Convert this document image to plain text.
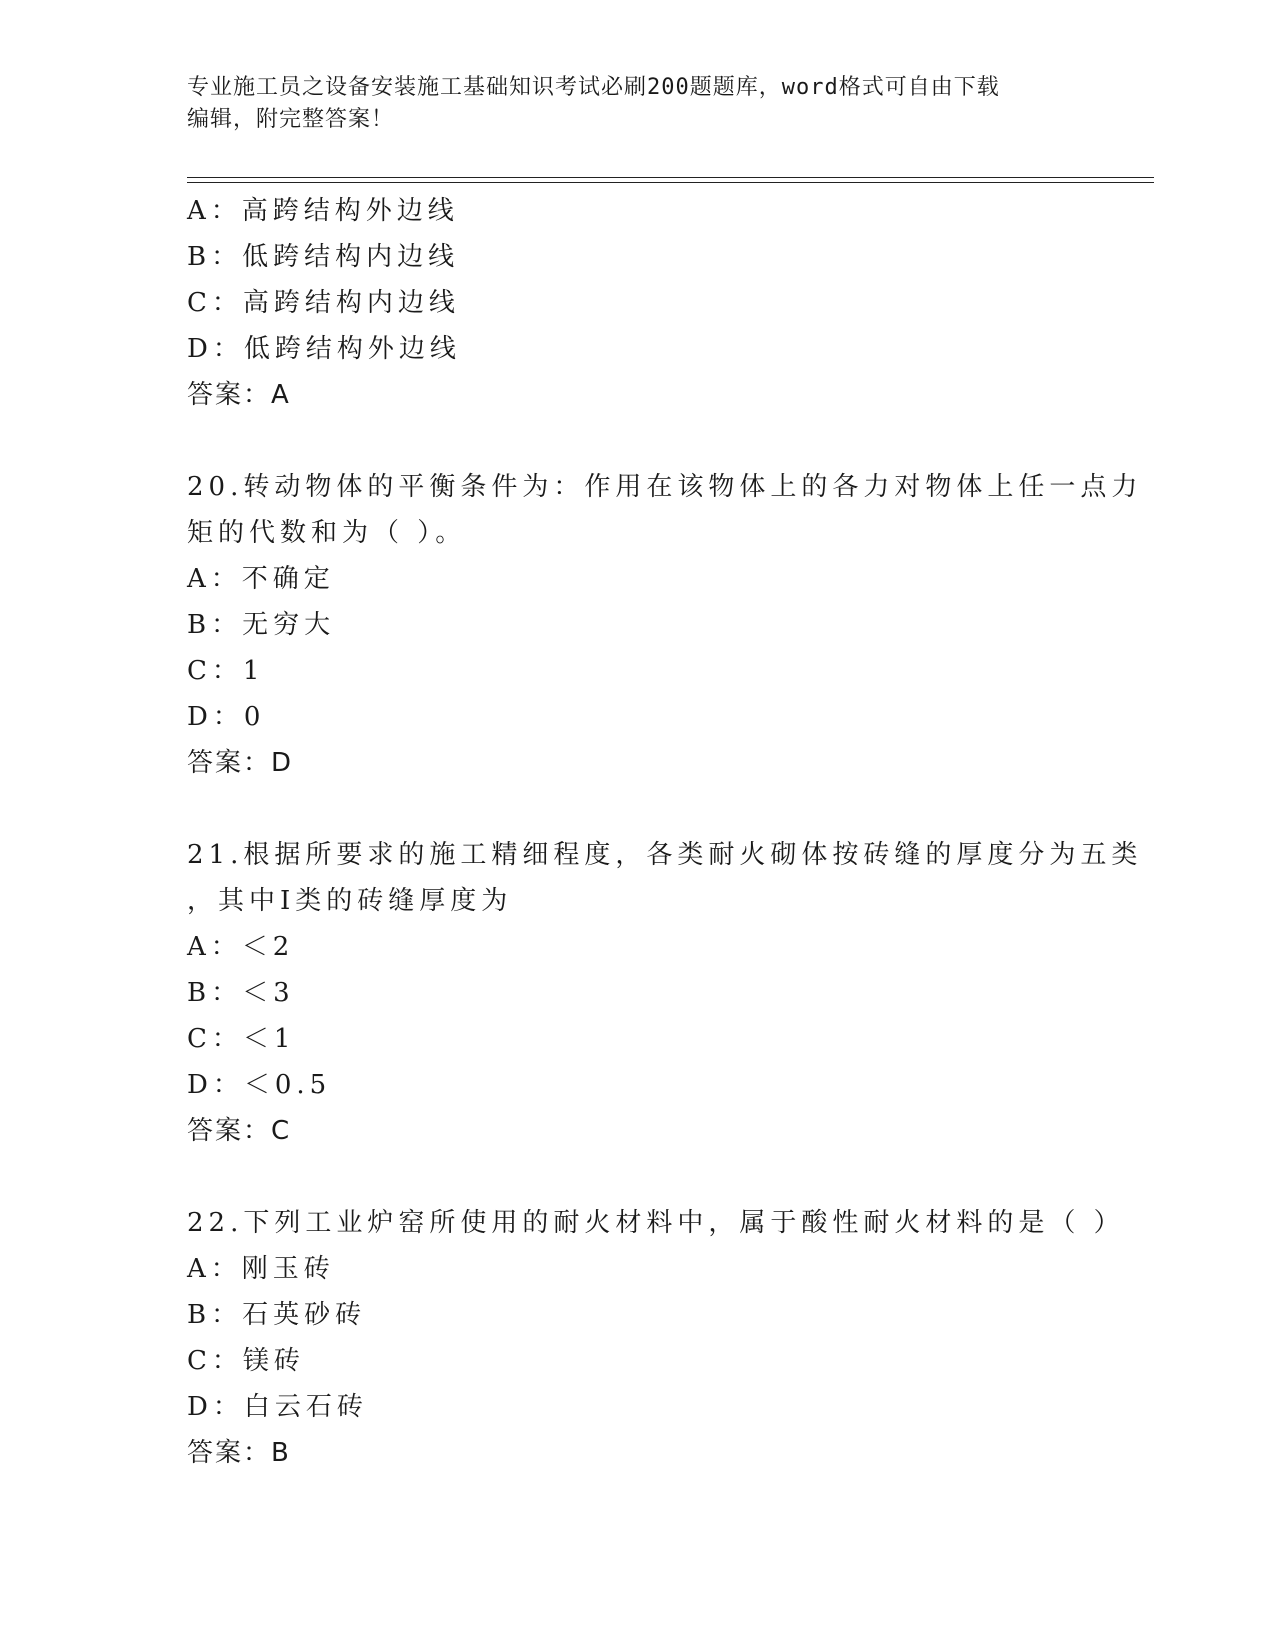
专业施工员之设备安装施工基础知识考试必刷200题题库，word格式可自由下载
编辑，附完整答案！
A：高跨结构外边线
B：低跨结构内边线
C：高跨结构内边线
D：低跨结构外边线
答案：A
20.转动物体的平衡条件为：作用在该物体上的各力对物体上任一点力
矩的代数和为（ ）。
A：不确定
B：无穷大
C：1
D：0
答案：D
21.根据所要求的施工精细程度，各类耐火砌体按砖缝的厚度分为五类
，其中Ⅰ类的砖缝厚度为
A：＜2
B：＜3
C：＜1
D：＜0.5
答案：C
22.下列工业炉窑所使用的耐火材料中，属于酸性耐火材料的是（ ）
A：刚玉砖
B：石英砂砖
C：镁砖
D：白云石砖
答案：B
